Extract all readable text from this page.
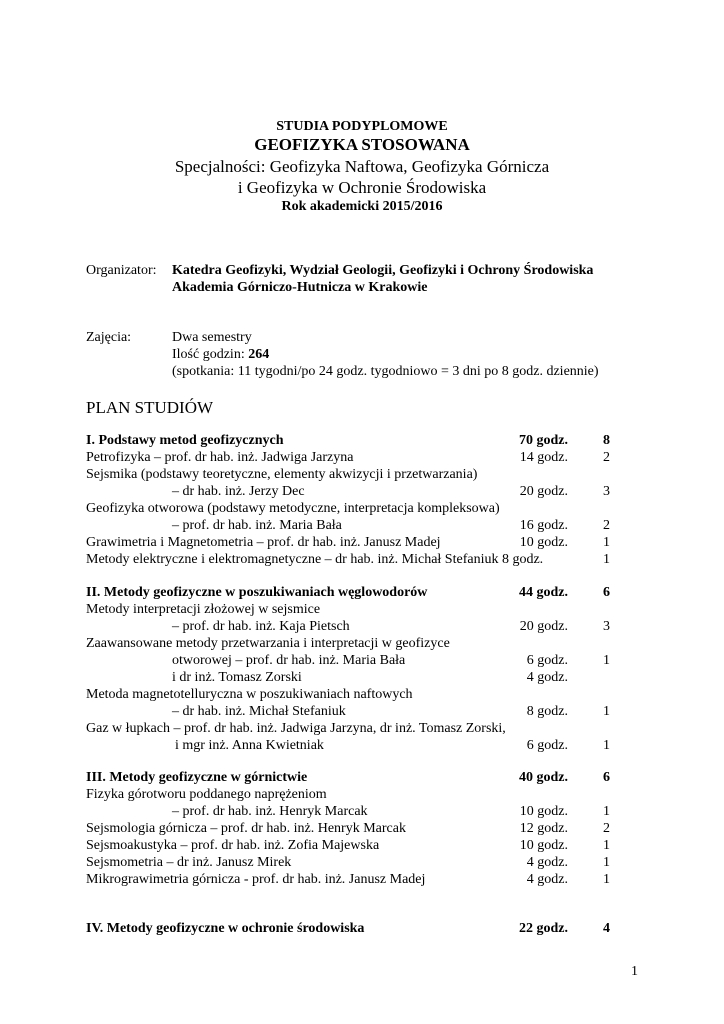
STUDIA PODYPLOMOWE
GEOFIZYKA STOSOWANA
Specjalności: Geofizyka Naftowa, Geofizyka Górnicza
i Geofizyka w Ochronie Środowiska
Rok akademicki 2015/2016
Organizator: Katedra Geofizyki, Wydział Geologii, Geofizyki i Ochrony Środowiska
Akademia Górniczo-Hutnicza w Krakowie
Zajęcia:	Dwa semestry
Ilość godzin: 264
(spotkania: 11 tygodni/po 24 godz. tygodniowo = 3 dni po 8 godz. dziennie)
PLAN STUDIÓW
I. Podstawy metod geofizycznych	70 godz.	8
Petrofizyka – prof. dr hab. inż. Jadwiga Jarzyna	14 godz.	2
Sejsmika (podstawy teoretyczne, elementy akwizycji i przetwarzania)
– dr hab. inż. Jerzy Dec	20 godz.	3
Geofizyka otworowa (podstawy metodyczne, interpretacja kompleksowa)
– prof. dr hab. inż. Maria Bała	16 godz.	2
Grawimetria i Magnetometria – prof. dr hab. inż. Janusz Madej	10 godz.	1
Metody elektryczne i elektromagnetyczne – dr hab. inż. Michał Stefaniuk 8 godz.	1
II. Metody geofizyczne w poszukiwaniach węglowodorów	44 godz.	6
Metody interpretacji złożowej w sejsmice
– prof. dr hab. inż. Kaja Pietsch	20 godz.	3
Zaawansowane metody przetwarzania i interpretacji w geofizyce
otworowej – prof. dr hab. inż. Maria Bała	6 godz.	1
i dr inż. Tomasz Zorski	4 godz.
Metoda magnetotelluryczna w poszukiwaniach naftowych
– dr hab. inż. Michał Stefaniuk	8 godz.	1
Gaz w łupkach – prof. dr hab. inż. Jadwiga Jarzyna, dr inż. Tomasz Zorski,
i mgr inż. Anna Kwietniak	6 godz.	1
III. Metody geofizyczne w górnictwie	40 godz.	6
Fizyka górotworu poddanego naprężeniom
– prof. dr hab. inż. Henryk Marcak	10 godz.	1
Sejsmologia górnicza – prof. dr hab. inż. Henryk Marcak	12 godz.	2
Sejsmoakustyka – prof. dr hab. inż. Zofia Majewska	10 godz.	1
Sejsmometria – dr inż. Janusz Mirek	4 godz.	1
Mikrograwimetria górnicza - prof. dr hab. inż. Janusz Madej	4 godz.	1
IV. Metody geofizyczne w ochronie środowiska	22 godz.	4
1
